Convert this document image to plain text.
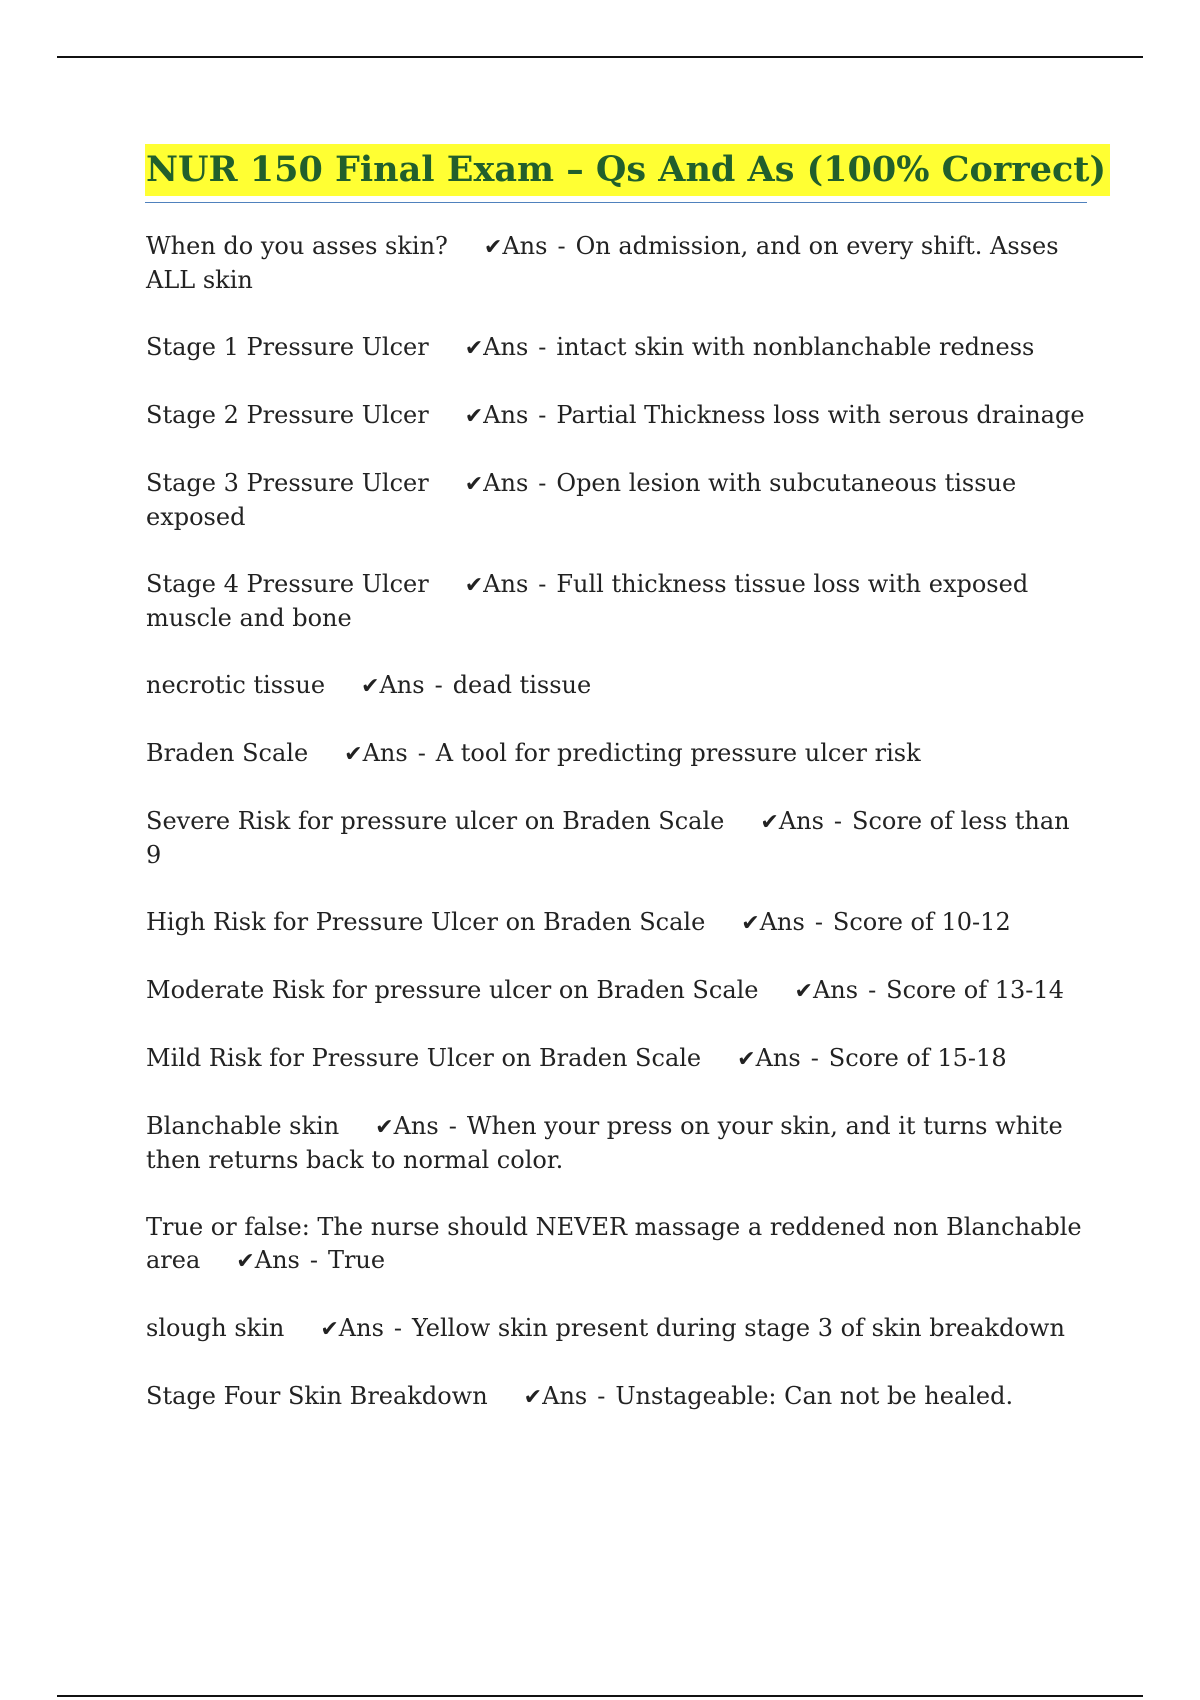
NUR 150 Final Exam – Qs And As (100% Correct)

When do you asses skin? ✔Ans - On admission, and on every shift. Asses ALL skin

Stage 1 Pressure Ulcer ✔Ans - intact skin with nonblanchable redness

Stage 2 Pressure Ulcer ✔Ans - Partial Thickness loss with serous drainage

Stage 3 Pressure Ulcer ✔Ans - Open lesion with subcutaneous tissue exposed

Stage 4 Pressure Ulcer ✔Ans - Full thickness tissue loss with exposed muscle and bone

necrotic tissue ✔Ans - dead tissue

Braden Scale ✔Ans - A tool for predicting pressure ulcer risk

Severe Risk for pressure ulcer on Braden Scale ✔Ans - Score of less than 9

High Risk for Pressure Ulcer on Braden Scale ✔Ans - Score of 10-12

Moderate Risk for pressure ulcer on Braden Scale ✔Ans - Score of 13-14

Mild Risk for Pressure Ulcer on Braden Scale ✔Ans - Score of 15-18

Blanchable skin ✔Ans - When your press on your skin, and it turns white then returns back to normal color.

True or false: The nurse should NEVER massage a reddened non Blanchable area ✔Ans - True

slough skin ✔Ans - Yellow skin present during stage 3 of skin breakdown

Stage Four Skin Breakdown ✔Ans - Unstageable: Can not be healed.
